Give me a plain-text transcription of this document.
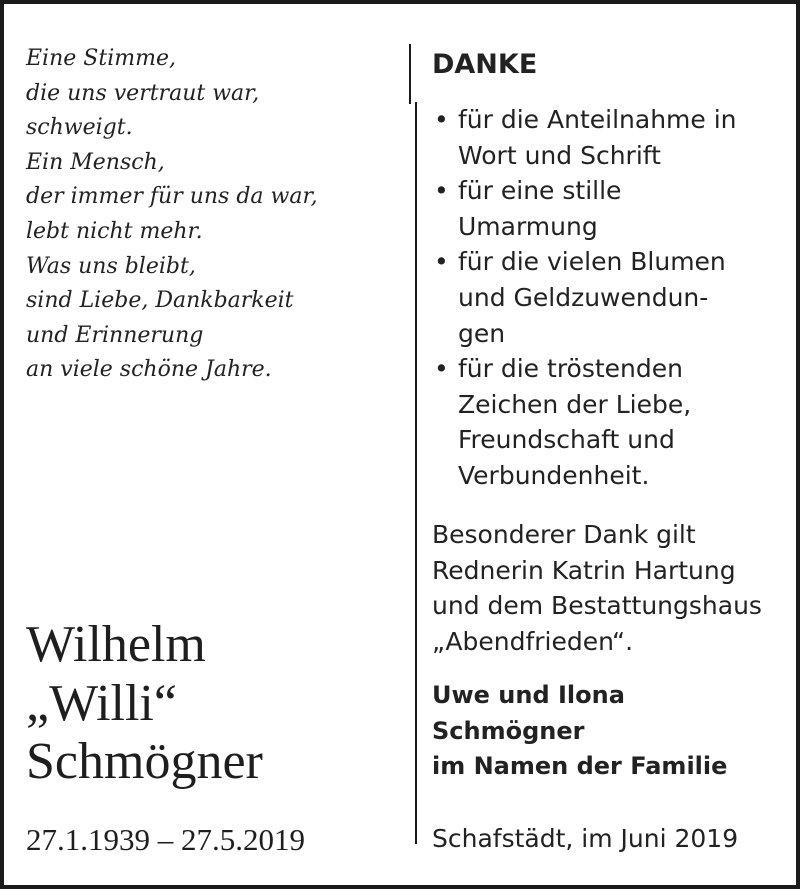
Eine Stimme,
die uns vertraut war,
schweigt.
Ein Mensch,
der immer für uns da war,
lebt nicht mehr.
Was uns bleibt,
sind Liebe, Dankbarkeit
und Erinnerung
an viele schöne Jahre.
Wilhelm
„Willi“
Schmögner
27.1.1939 – 27.5.2019
DANKE
• für die Anteilnahme in
Wort und Schrift
• für eine stille
Umarmung
• für die vielen Blumen
und Geldzuwendun-
gen
• für die tröstenden
Zeichen der Liebe,
Freundschaft und
Verbundenheit.
Besonderer Dank gilt
Rednerin Katrin Hartung
und dem Bestattungshaus
„Abendfrieden“.
Uwe und Ilona
Schmögner
im Namen der Familie
Schafstädt, im Juni 2019
